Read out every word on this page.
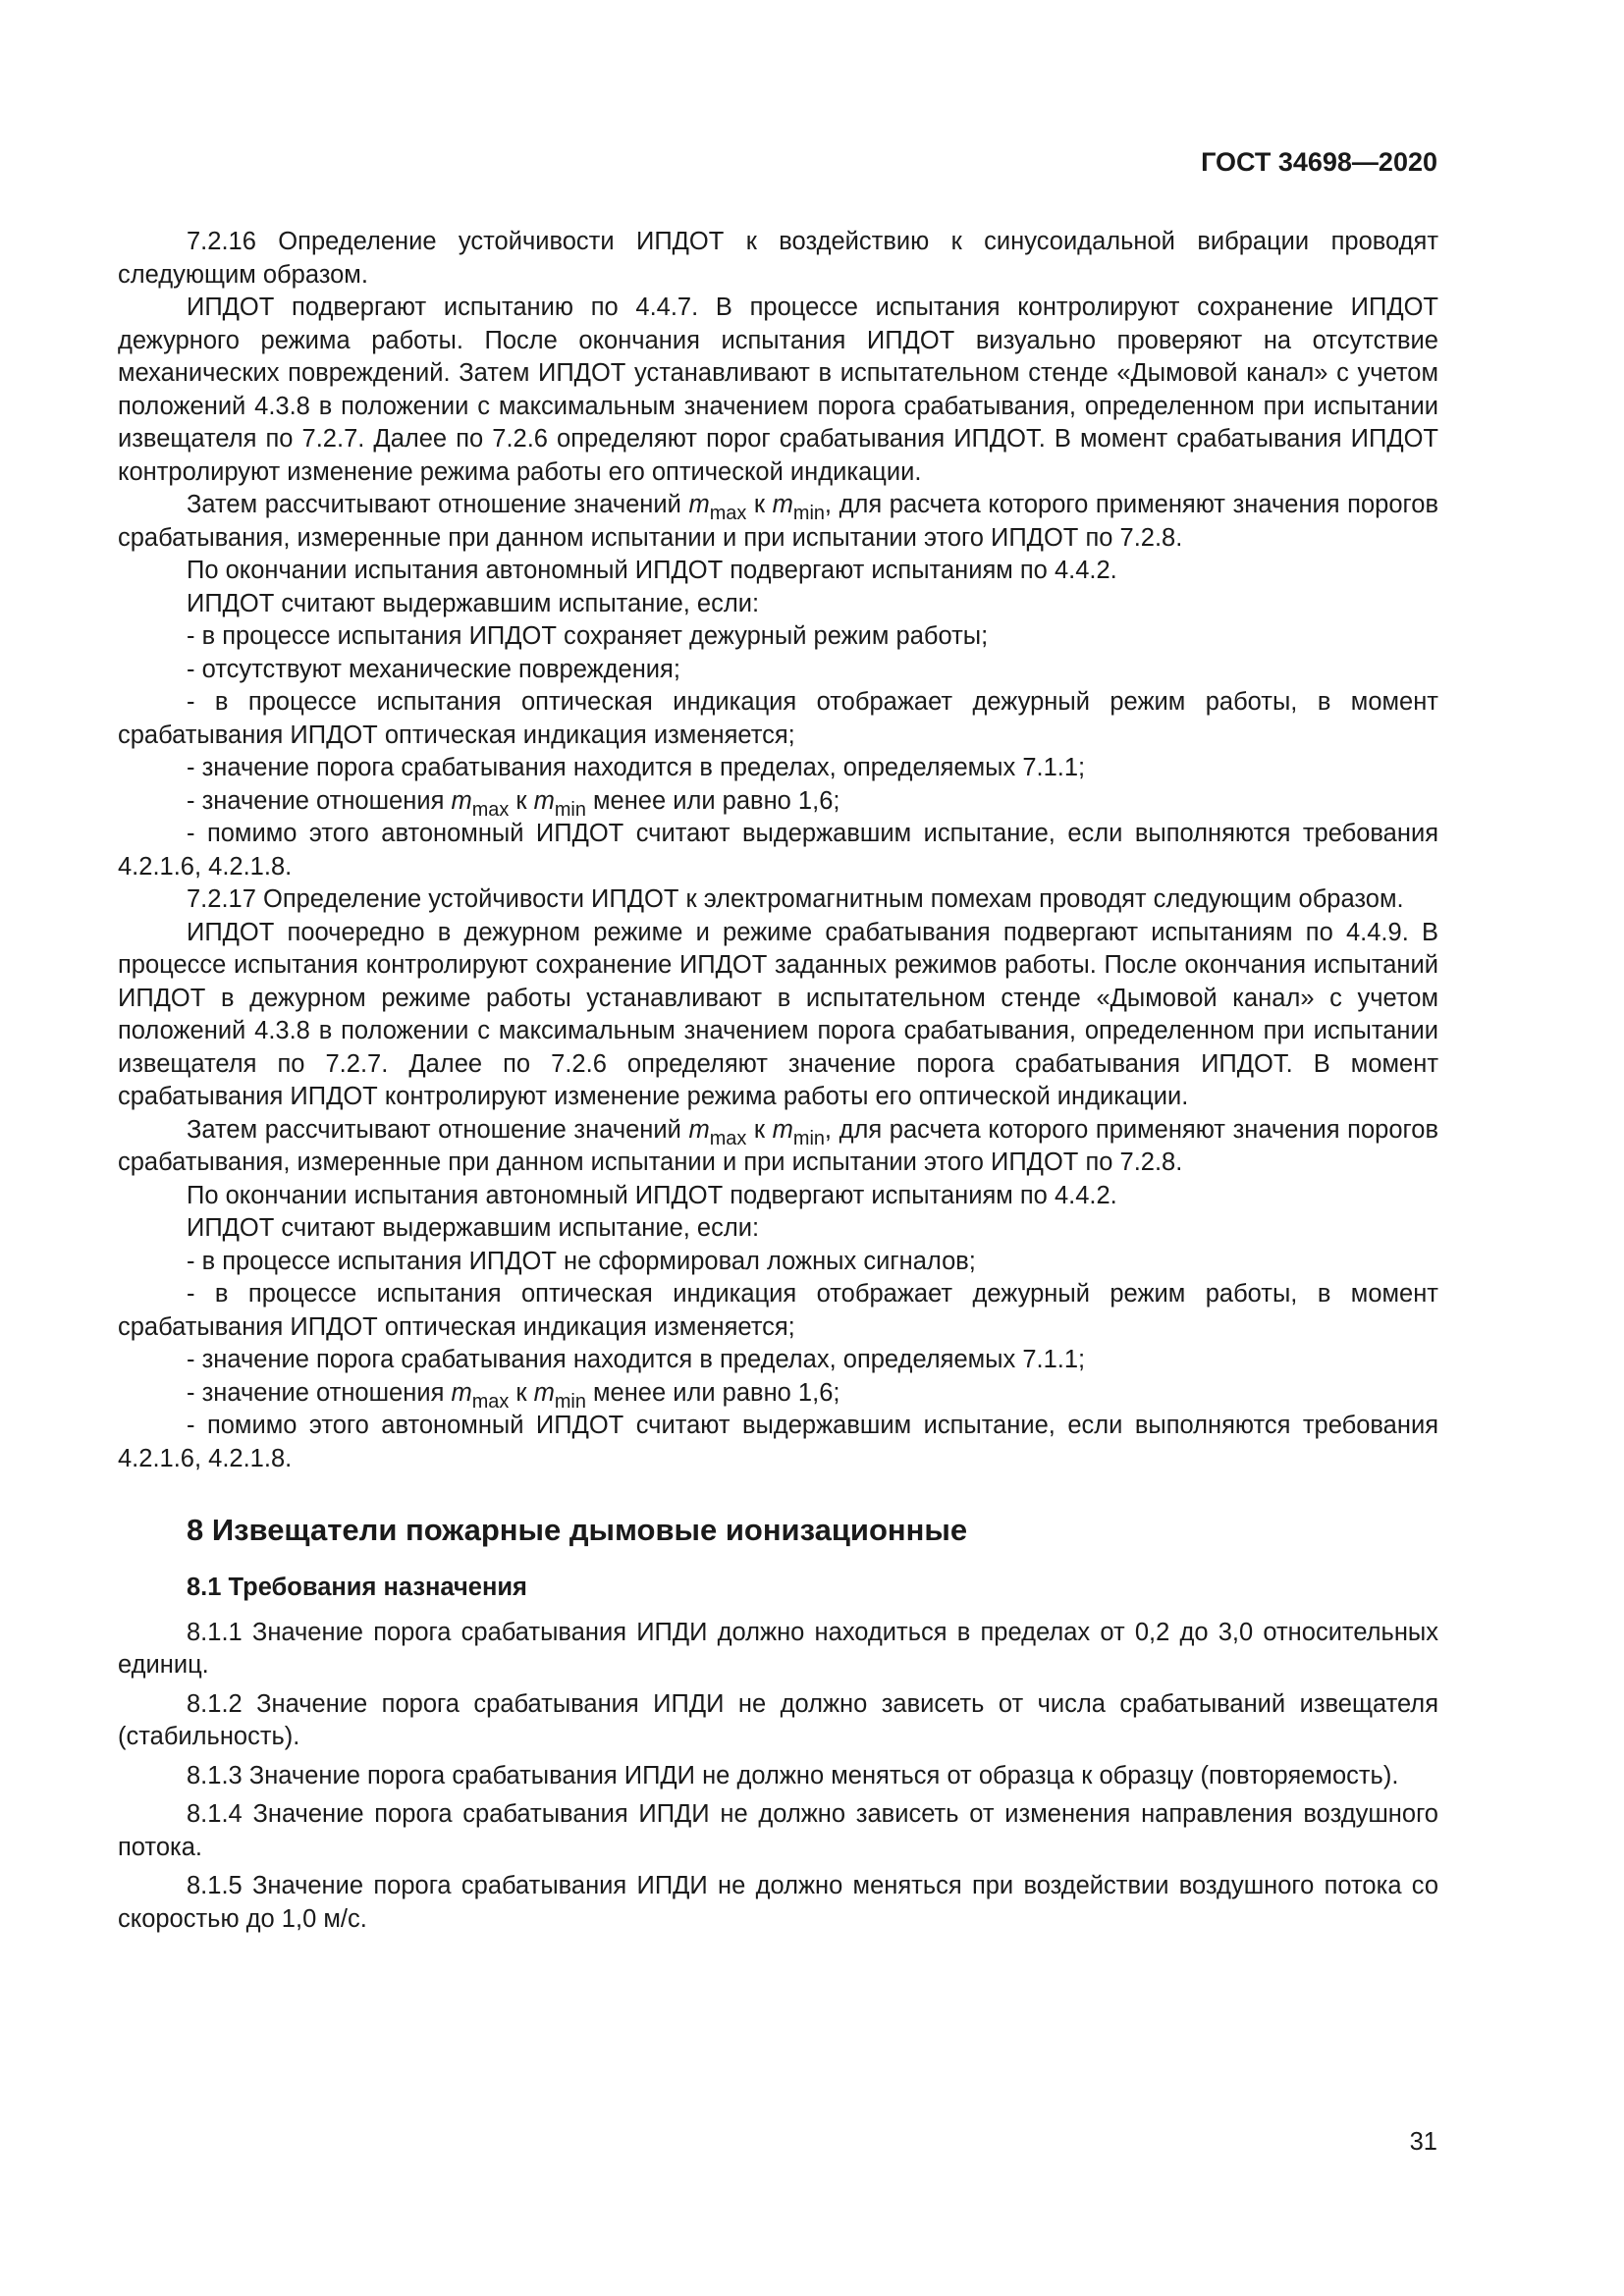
ГОСТ 34698—2020

7.2.16 Определение устойчивости ИПДОТ к воздействию к синусоидальной вибрации проводят следующим образом.

ИПДОТ подвергают испытанию по 4.4.7. В процессе испытания контролируют сохранение ИПДОТ дежурного режима работы. После окончания испытания ИПДОТ визуально проверяют на отсутствие механических повреждений. Затем ИПДОТ устанавливают в испытательном стенде «Дымовой канал» с учетом положений 4.3.8 в положении с максимальным значением порога срабатывания, определенном при испытании извещателя по 7.2.7. Далее по 7.2.6 определяют порог срабатывания ИПДОТ. В момент срабатывания ИПДОТ контролируют изменение режима работы его оптической индикации.

Затем рассчитывают отношение значений $m_{max}$ к $m_{min}$, для расчета которого применяют значения порогов срабатывания, измеренные при данном испытании и при испытании этого ИПДОТ по 7.2.8.

По окончании испытания автономный ИПДОТ подвергают испытаниям по 4.4.2.

ИПДОТ считают выдержавшим испытание, если:

- в процессе испытания ИПДОТ сохраняет дежурный режим работы;

- отсутствуют механические повреждения;

- в процессе испытания оптическая индикация отображает дежурный режим работы, в момент срабатывания ИПДОТ оптическая индикация изменяется;

- значение порога срабатывания находится в пределах, определяемых 7.1.1;

- значение отношения $m_{max}$ к $m_{min}$ менее или равно 1,6;

- помимо этого автономный ИПДОТ считают выдержавшим испытание, если выполняются требования 4.2.1.6, 4.2.1.8.

7.2.17 Определение устойчивости ИПДОТ к электромагнитным помехам проводят следующим образом.

ИПДОТ поочередно в дежурном режиме и режиме срабатывания подвергают испытаниям по 4.4.9. В процессе испытания контролируют сохранение ИПДОТ заданных режимов работы. После окончания испытаний ИПДОТ в дежурном режиме работы устанавливают в испытательном стенде «Дымовой канал» с учетом положений 4.3.8 в положении с максимальным значением порога срабатывания, определенном при испытании извещателя по 7.2.7. Далее по 7.2.6 определяют значение порога срабатывания ИПДОТ. В момент срабатывания ИПДОТ контролируют изменение режима работы его оптической индикации.

Затем рассчитывают отношение значений $m_{max}$ к $m_{min}$, для расчета которого применяют значения порогов срабатывания, измеренные при данном испытании и при испытании этого ИПДОТ по 7.2.8.

По окончании испытания автономный ИПДОТ подвергают испытаниям по 4.4.2.

ИПДОТ считают выдержавшим испытание, если:

- в процессе испытания ИПДОТ не сформировал ложных сигналов;

- в процессе испытания оптическая индикация отображает дежурный режим работы, в момент срабатывания ИПДОТ оптическая индикация изменяется;

- значение порога срабатывания находится в пределах, определяемых 7.1.1;

- значение отношения $m_{max}$ к $m_{min}$ менее или равно 1,6;

- помимо этого автономный ИПДОТ считают выдержавшим испытание, если выполняются требования 4.2.1.6, 4.2.1.8.

8 Извещатели пожарные дымовые ионизационные

8.1 Требования назначения

8.1.1 Значение порога срабатывания ИПДИ должно находиться в пределах от 0,2 до 3,0 относительных единиц.

8.1.2 Значение порога срабатывания ИПДИ не должно зависеть от числа срабатываний извещателя (стабильность).

8.1.3 Значение порога срабатывания ИПДИ не должно меняться от образца к образцу (повторяемость).

8.1.4 Значение порога срабатывания ИПДИ не должно зависеть от изменения направления воздушного потока.

8.1.5 Значение порога срабатывания ИПДИ не должно меняться при воздействии воздушного потока со скоростью до 1,0 м/с.

31
